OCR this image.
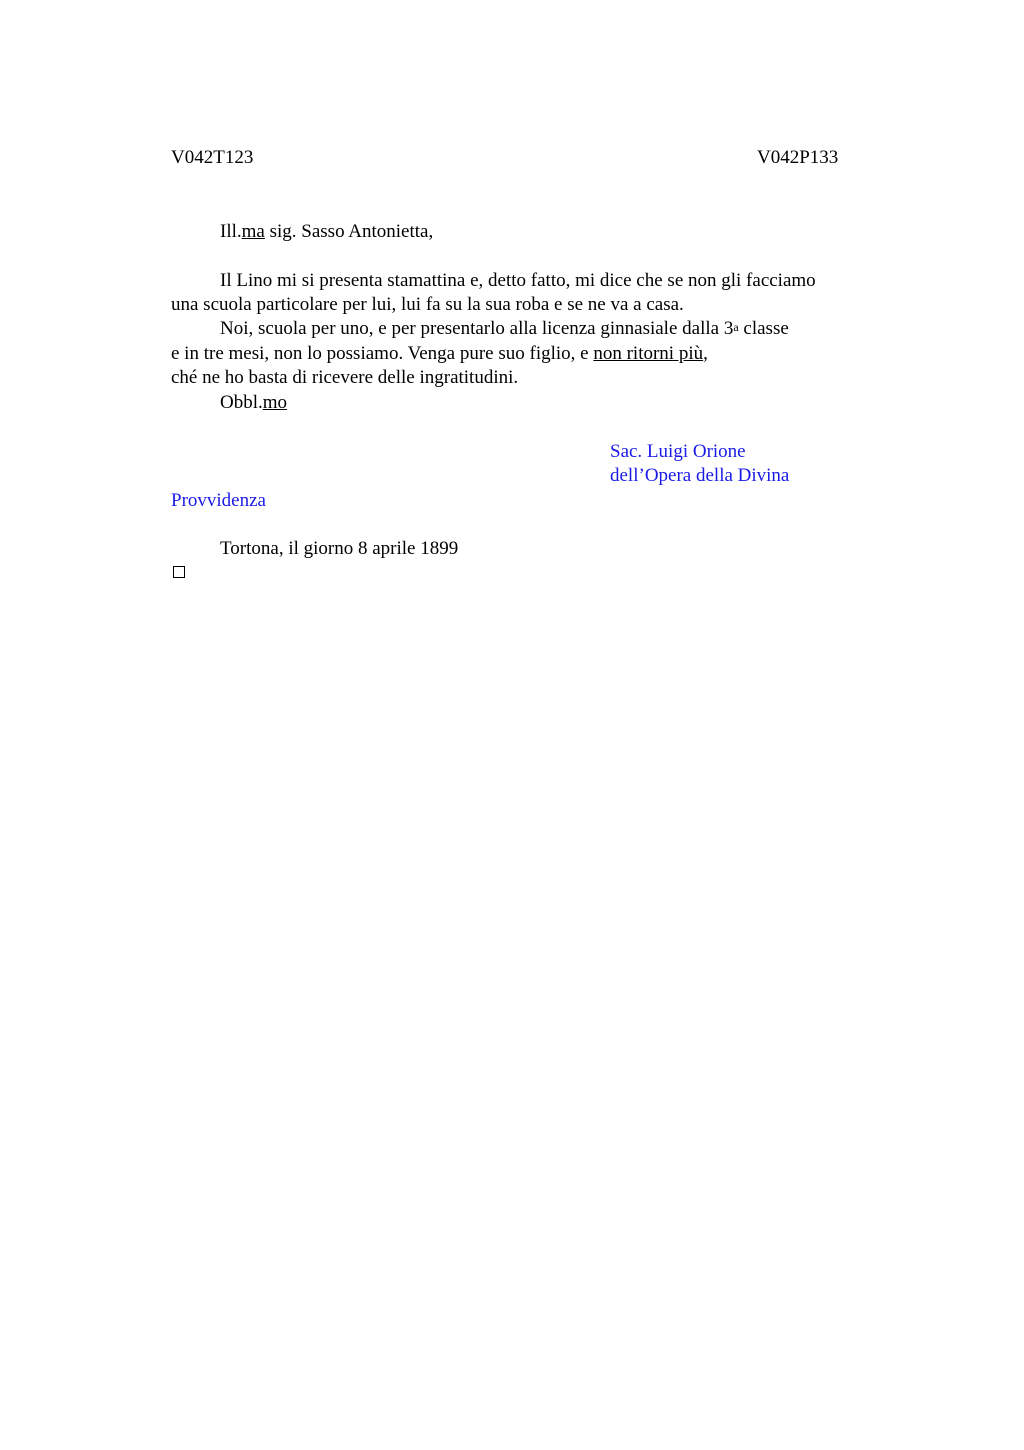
V042T123	V042P133
Ill.ma sig. Sasso Antonietta,
Il Lino mi si presenta stamattina e, detto fatto, mi dice che se non gli facciamo
una scuola particolare per lui, lui fa su la sua roba e se ne va a casa.
Noi, scuola per uno, e per presentarlo alla licenza ginnasiale dalla 3$^a$ classe
e in tre mesi, non lo possiamo. Venga pure suo figlio, e non ritorni più,
ché ne ho basta di ricevere delle ingratitudini.
Obbl.mo
Sac. Luigi Orione
dell’Opera della Divina
Provvidenza
Tortona, il giorno 8 aprile 1899
